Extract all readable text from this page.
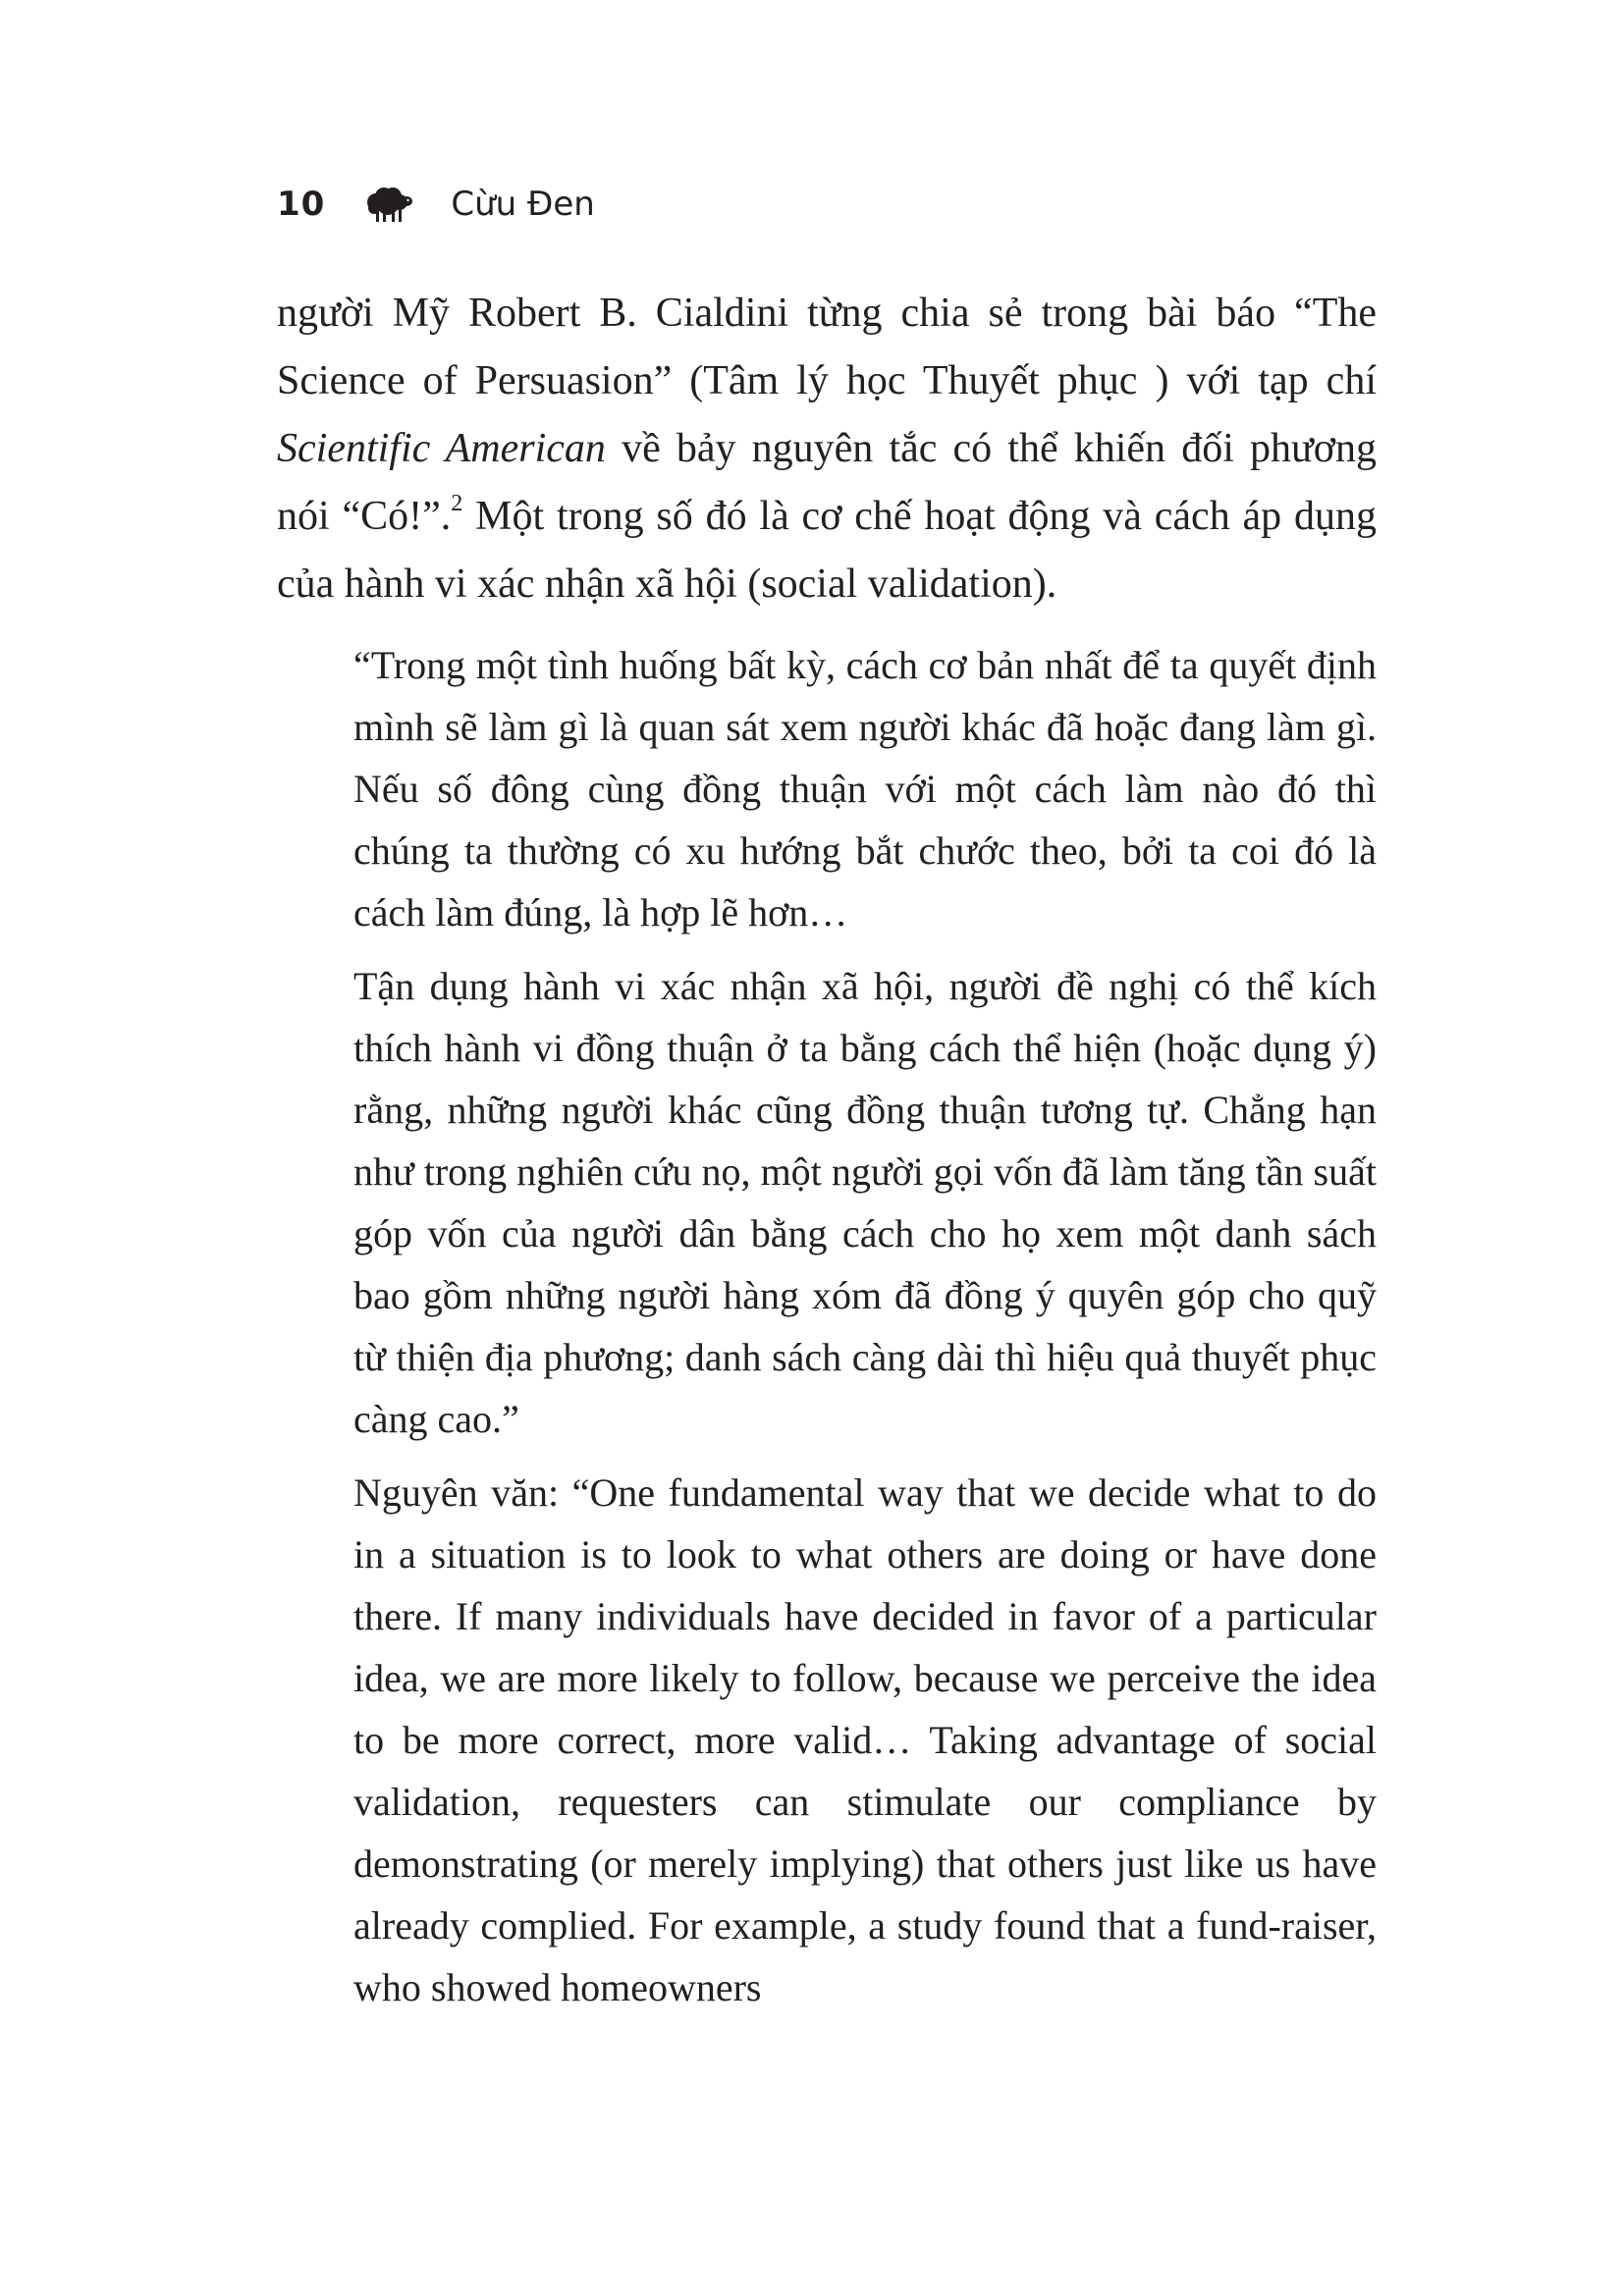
10	Cừu Đen

người Mỹ Robert B. Cialdini từng chia sẻ trong bài báo “The Science of Persuasion” (Tâm lý học Thuyết phục ) với tạp chí Scientific American về bảy nguyên tắc có thể khiến đối phương nói “Có!”.$^2$ Một trong số đó là cơ chế hoạt động và cách áp dụng của hành vi xác nhận xã hội (social validation).

“Trong một tình huống bất kỳ, cách cơ bản nhất để ta quyết định mình sẽ làm gì là quan sát xem người khác đã hoặc đang làm gì. Nếu số đông cùng đồng thuận với một cách làm nào đó thì chúng ta thường có xu hướng bắt chước theo, bởi ta coi đó là cách làm đúng, là hợp lẽ hơn…

Tận dụng hành vi xác nhận xã hội, người đề nghị có thể kích thích hành vi đồng thuận ở ta bằng cách thể hiện (hoặc dụng ý) rằng, những người khác cũng đồng thuận tương tự. Chẳng hạn như trong nghiên cứu nọ, một người gọi vốn đã làm tăng tần suất góp vốn của người dân bằng cách cho họ xem một danh sách bao gồm những người hàng xóm đã đồng ý quyên góp cho quỹ từ thiện địa phương; danh sách càng dài thì hiệu quả thuyết phục càng cao.”

Nguyên văn: “One fundamental way that we decide what to do in a situation is to look to what others are doing or have done there. If many individuals have decided in favor of a particular idea, we are more likely to follow, because we perceive the idea to be more correct, more valid… Taking advantage of social validation, requesters can stimulate our compliance by demonstrating (or merely implying) that others just like us have already complied. For example, a study found that a fund-raiser, who showed homeowners
